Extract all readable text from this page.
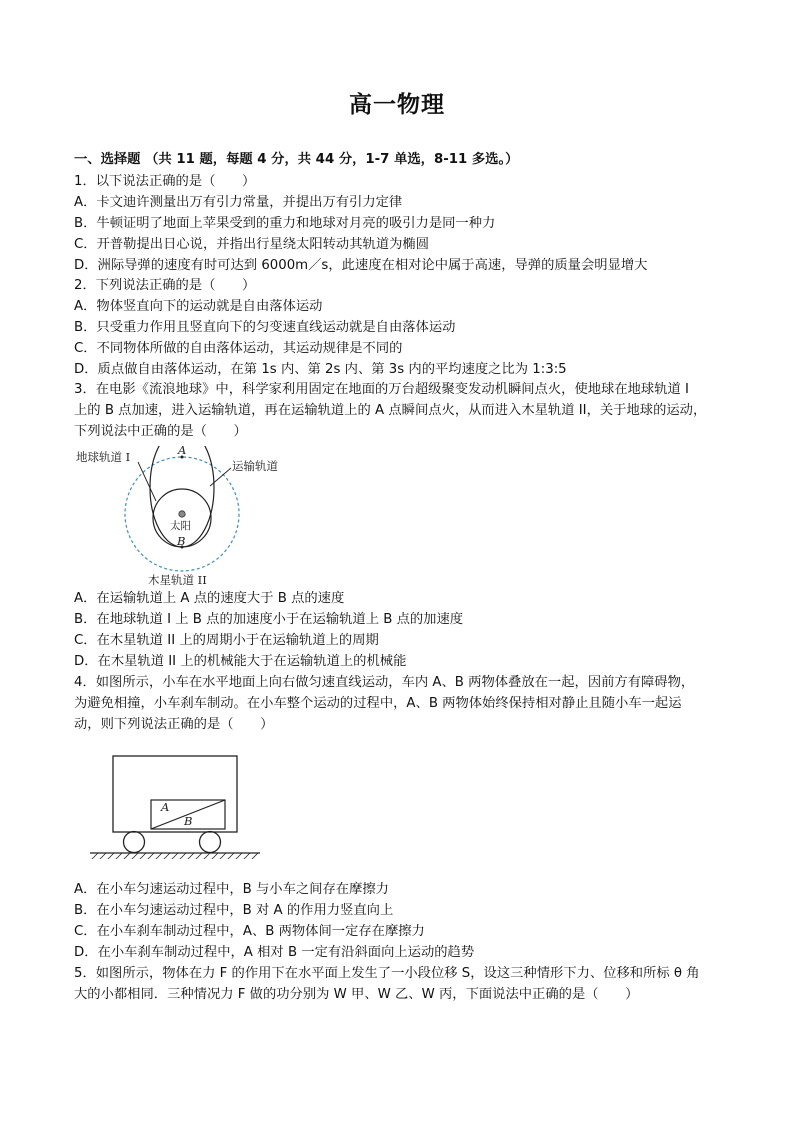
高一物理
一、选择题 （共 11 题，每题 4 分，共 44 分，1-7 单选，8-11 多选。）
1．以下说法正确的是（　　）
A．卡文迪许测量出万有引力常量，并提出万有引力定律
B．牛顿证明了地面上苹果受到的重力和地球对月亮的吸引力是同一种力
C．开普勒提出日心说，并指出行星绕太阳转动其轨道为椭圆
D．洲际导弹的速度有时可达到 6000m／s，此速度在相对论中属于高速，导弹的质量会明显增大
2．下列说法正确的是（　　）
A．物体竖直向下的运动就是自由落体运动
B．只受重力作用且竖直向下的匀变速直线运动就是自由落体运动
C．不同物体所做的自由落体运动，其运动规律是不同的
D．质点做自由落体运动，在第 1s 内、第 2s 内、第 3s 内的平均速度之比为 1:3:5
3．在电影《流浪地球》中，科学家利用固定在地面的万台超级聚变发动机瞬间点火，使地球在地球轨道 I
上的 B 点加速，进入运输轨道，再在运输轨道上的 A 点瞬间点火，从而进入木星轨道 II，关于地球的运动，
下列说法中正确的是（　　）
太阳
A
B
地球轨道 I
运输轨道
木星轨道 II
A．在运输轨道上 A 点的速度大于 B 点的速度
B．在地球轨道 I 上 B 点的加速度小于在运输轨道上 B 点的加速度
C．在木星轨道 II 上的周期小于在运输轨道上的周期
D．在木星轨道 II 上的机械能大于在运输轨道上的机械能
4．如图所示，小车在水平地面上向右做匀速直线运动，车内 A、B 两物体叠放在一起，因前方有障碍物，
为避免相撞，小车刹车制动。在小车整个运动的过程中，A、B 两物体始终保持相对静止且随小车一起运
动，则下列说法正确的是（　　）
A
B
A．在小车匀速运动过程中，B 与小车之间存在摩擦力
B．在小车匀速运动过程中，B 对 A 的作用力竖直向上
C．在小车刹车制动过程中，A、B 两物体间一定存在摩擦力
D．在小车刹车制动过程中，A 相对 B 一定有沿斜面向上运动的趋势
5．如图所示，物体在力 F 的作用下在水平面上发生了一小段位移 S，设这三种情形下力、位移和所标 θ 角
大的小都相同．三种情况力 F 做的功分别为 W 甲、W 乙、W 丙，下面说法中正确的是（　　）
